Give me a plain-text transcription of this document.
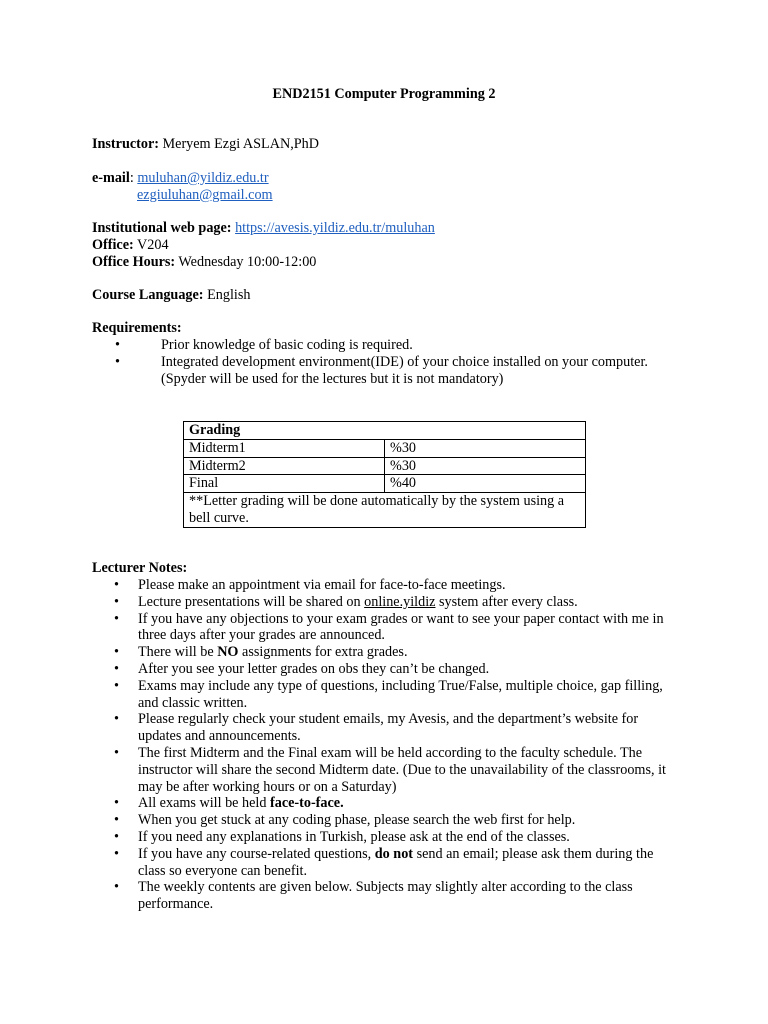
END2151 Computer Programming 2
Instructor: Meryem Ezgi ASLAN,PhD
e-mail: muluhan@yildiz.edu.tr
ezgiuluhan@gmail.com
Institutional web page: https://avesis.yildiz.edu.tr/muluhan
Office: V204
Office Hours: Wednesday 10:00-12:00
Course Language: English
Requirements:
•	Prior knowledge of basic coding is required.
•	Integrated development environment(IDE) of your choice installed on your computer. (Spyder will be used for the lectures but it is not mandatory)
Grading	
Midterm1	%30
Midterm2	%30
Final	%40
**Letter grading will be done automatically by the system using a bell curve.	
Lecturer Notes:
• Please make an appointment via email for face-to-face meetings.
• Lecture presentations will be shared on online.yildiz system after every class.
• If you have any objections to your exam grades or want to see your paper contact with me in three days after your grades are announced.
• There will be NO assignments for extra grades.
• After you see your letter grades on obs they can’t be changed.
• Exams may include any type of questions, including True/False, multiple choice, gap filling, and classic written.
• Please regularly check your student emails, my Avesis, and the department’s website for updates and announcements.
• The first Midterm and the Final exam will be held according to the faculty schedule. The instructor will share the second Midterm date. (Due to the unavailability of the classrooms, it may be after working hours or on a Saturday)
• All exams will be held face-to-face.
• When you get stuck at any coding phase, please search the web first for help.
• If you need any explanations in Turkish, please ask at the end of the classes.
• If you have any course-related questions, do not send an email; please ask them during the class so everyone can benefit.
• The weekly contents are given below. Subjects may slightly alter according to the class performance.
